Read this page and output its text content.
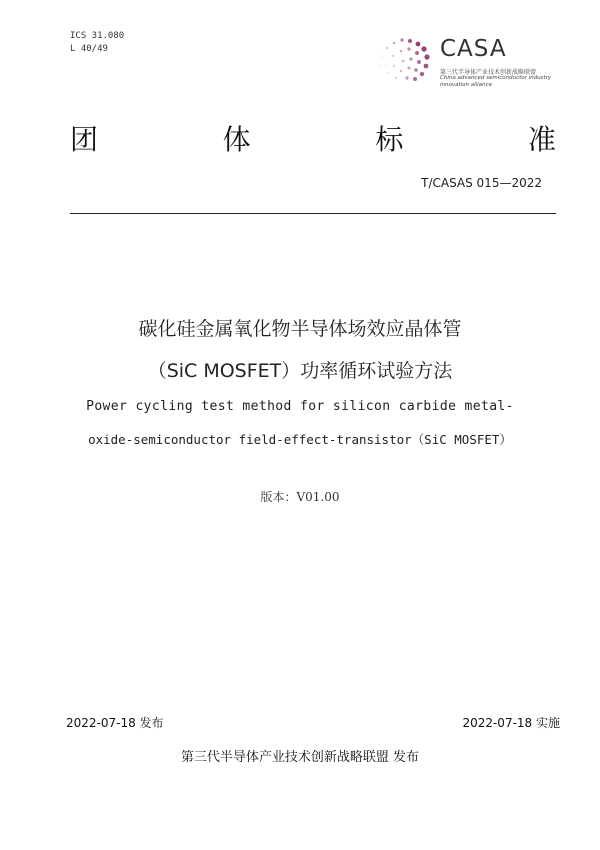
ICS 31.080
L 40/49	CASA
第三代半导体产业技术创新战略联盟
China advanced semiconductor industry
innovation alliance
团	体	标	准
T/CASAS 015—2022
碳化硅金属氧化物半导体场效应晶体管
（SiC MOSFET）功率循环试验方法
Power cycling test method for silicon carbide metal-
oxide-semiconductor field-effect-transistor（SiC MOSFET）
版本：V01.00
2022-07-18 发布	2022-07-18 实施
第三代半导体产业技术创新战略联盟 发布
